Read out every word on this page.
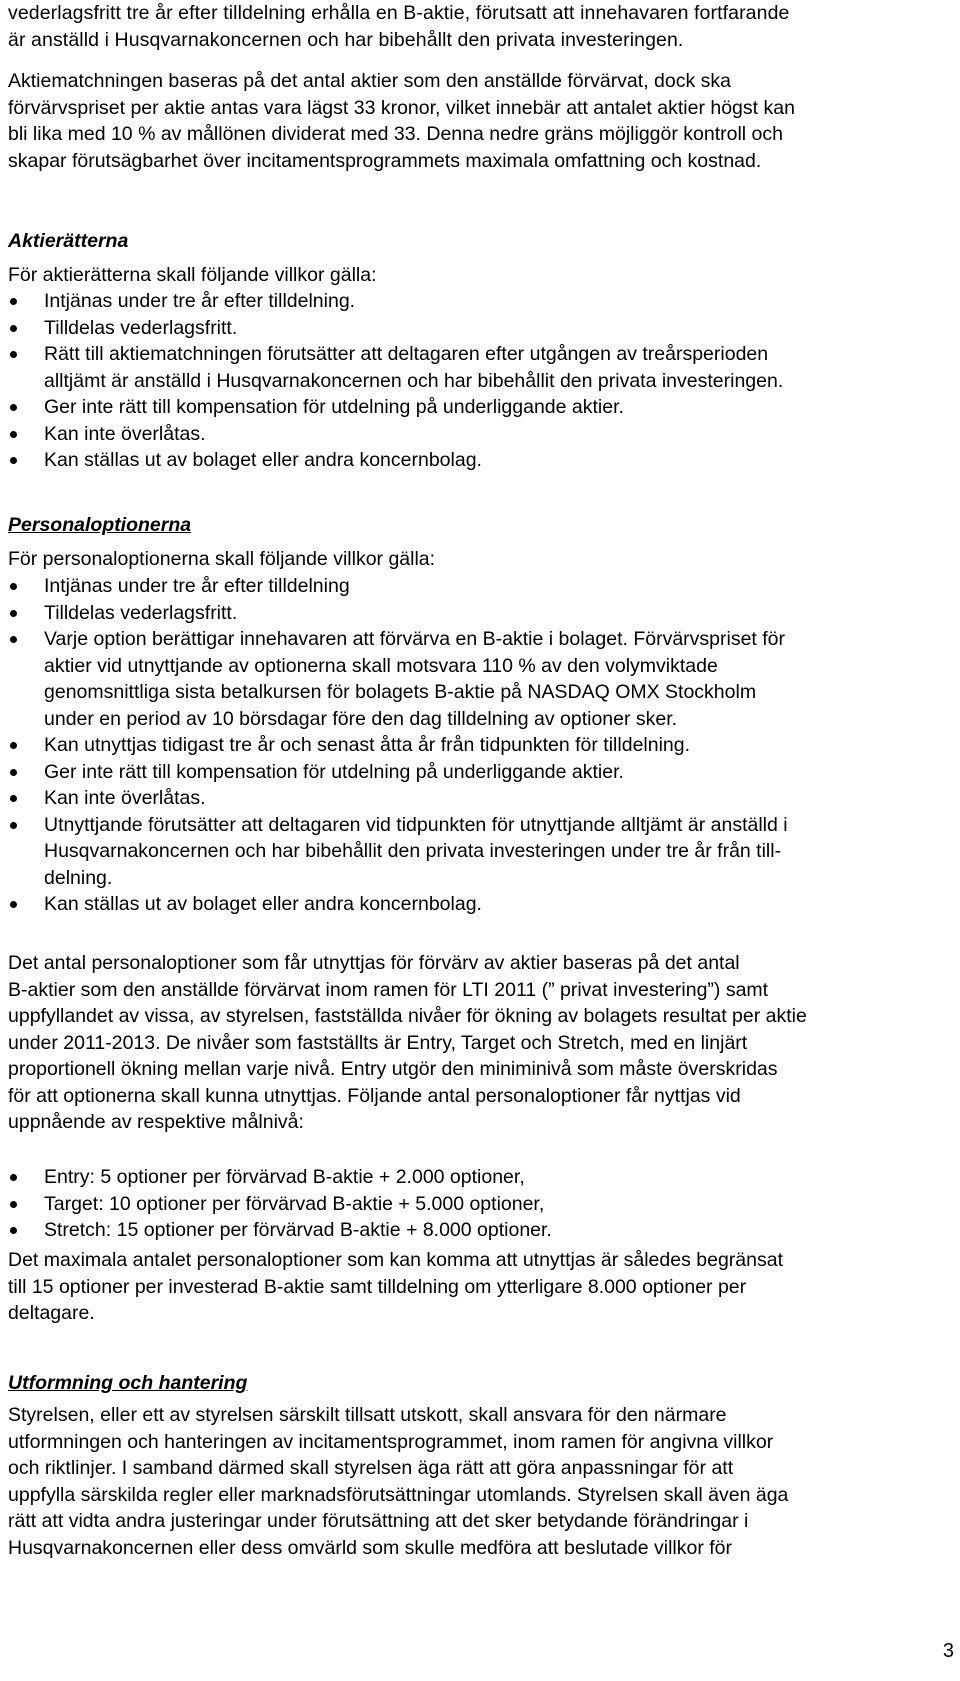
vederlagsfritt tre år efter tilldelning erhålla en B-aktie, förutsatt att innehavaren fortfarande
är anställd i Husqvarnakoncernen och har bibehållt den privata investeringen.
Aktiematchningen baseras på det antal aktier som den anställde förvärvat, dock ska
förvärvspriset per aktie antas vara lägst 33 kronor, vilket innebär att antalet aktier högst kan
bli lika med 10 % av mållönen dividerat med 33. Denna nedre gräns möjliggör kontroll och
skapar förutsägbarhet över incitamentsprogrammets maximala omfattning och kostnad.
Aktierätterna
För aktierätterna skall följande villkor gälla:
Intjänas under tre år efter tilldelning.
Tilldelas vederlagsfritt.
Rätt till aktiematchningen förutsätter att deltagaren efter utgången av treårsperioden
alltjämt är anställd i Husqvarnakoncernen och har bibehållit den privata investeringen.
Ger inte rätt till kompensation för utdelning på underliggande aktier.
Kan inte överlåtas.
Kan ställas ut av bolaget eller andra koncernbolag.
Personaloptionerna
För personaloptionerna skall följande villkor gälla:
Intjänas under tre år efter tilldelning
Tilldelas vederlagsfritt.
Varje option berättigar innehavaren att förvärva en B-aktie i bolaget. Förvärvspriset för
aktier vid utnyttjande av optionerna skall motsvara 110 % av den volymviktade
genomsnittliga sista betalkursen för bolagets B-aktie på NASDAQ OMX Stockholm
under en period av 10 börsdagar före den dag tilldelning av optioner sker.
Kan utnyttjas tidigast tre år och senast åtta år från tidpunkten för tilldelning.
Ger inte rätt till kompensation för utdelning på underliggande aktier.
Kan inte överlåtas.
Utnyttjande förutsätter att deltagaren vid tidpunkten för utnyttjande alltjämt är anställd i
Husqvarnakoncernen och har bibehållit den privata investeringen under tre år från till-
delning.
Kan ställas ut av bolaget eller andra koncernbolag.
Det antal personaloptioner som får utnyttjas för förvärv av aktier baseras på det antal
B-aktier som den anställde förvärvat inom ramen för LTI 2011 (” privat investering”) samt
uppfyllandet av vissa, av styrelsen, fastställda nivåer för ökning av bolagets resultat per aktie
under 2011-2013. De nivåer som fastställts är Entry, Target och Stretch, med en linjärt
proportionell ökning mellan varje nivå. Entry utgör den miniminivå som måste överskridas
för att optionerna skall kunna utnyttjas. Följande antal personaloptioner får nyttjas vid
uppnående av respektive målnivå:
Entry: 5 optioner per förvärvad B-aktie + 2.000 optioner,
Target: 10 optioner per förvärvad B-aktie + 5.000 optioner,
Stretch: 15 optioner per förvärvad B-aktie + 8.000 optioner.
Det maximala antalet personaloptioner som kan komma att utnyttjas är således begränsat
till 15 optioner per investerad B-aktie samt tilldelning om ytterligare 8.000 optioner per
deltagare.
Utformning och hantering
Styrelsen, eller ett av styrelsen särskilt tillsatt utskott, skall ansvara för den närmare
utformningen och hanteringen av incitamentsprogrammet, inom ramen för angivna villkor
och riktlinjer. I samband därmed skall styrelsen äga rätt att göra anpassningar för att
uppfylla särskilda regler eller marknadsförutsättningar utomlands. Styrelsen skall även äga
rätt att vidta andra justeringar under förutsättning att det sker betydande förändringar i
Husqvarnakoncernen eller dess omvärld som skulle medföra att beslutade villkor för
3
